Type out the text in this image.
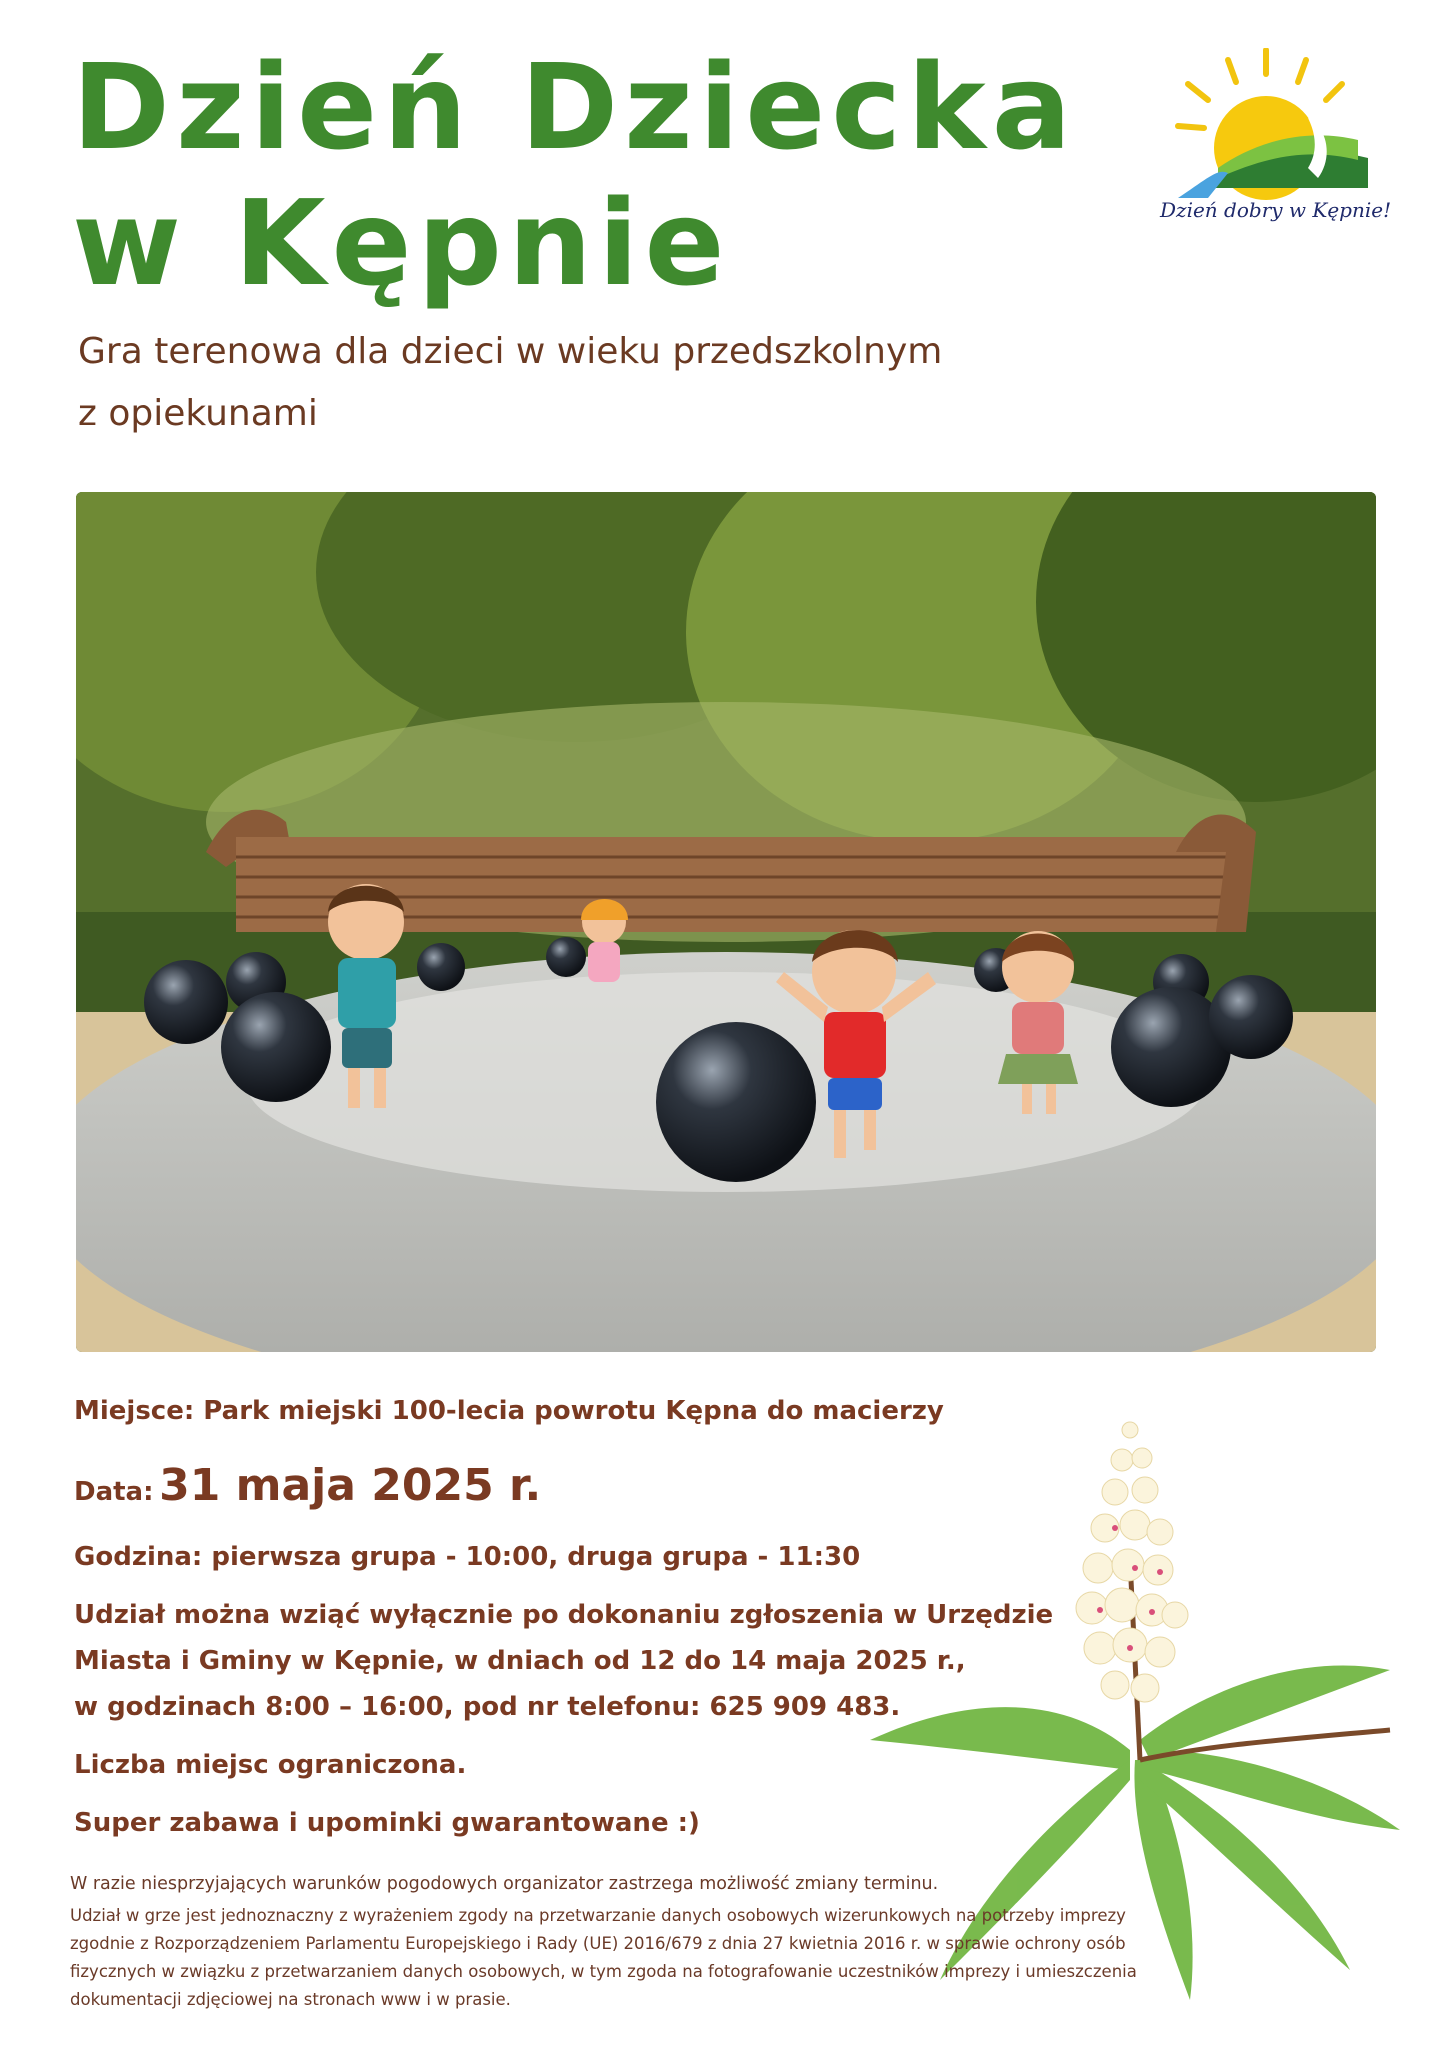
Dzień Dziecka
w Kępnie	Dzień dobry w Kępnie!
Gra terenowa dla dzieci w wieku przedszkolnym
z opiekunami
Miejsce: Park miejski 100-lecia powrotu Kępna do macierzy
Data: 31 maja 2025 r.
Godzina: pierwsza grupa - 10:00, druga grupa - 11:30
Udział można wziąć wyłącznie po dokonaniu zgłoszenia w Urzędzie
Miasta i Gminy w Kępnie, w dniach od 12 do 14 maja 2025 r.,
w godzinach 8:00 – 16:00, pod nr telefonu: 625 909 483.
Liczba miejsc ograniczona.
Super zabawa i upominki gwarantowane :)
W razie niesprzyjających warunków pogodowych organizator zastrzega możliwość zmiany terminu.
Udział w grze jest jednoznaczny z wyrażeniem zgody na przetwarzanie danych osobowych wizerunkowych na potrzeby imprezy
zgodnie z Rozporządzeniem Parlamentu Europejskiego i Rady (UE) 2016/679 z dnia 27 kwietnia 2016 r. w sprawie ochrony osób
fizycznych w związku z przetwarzaniem danych osobowych, w tym zgoda na fotografowanie uczestników imprezy i umieszczenia
dokumentacji zdjęciowej na stronach www i w prasie.
